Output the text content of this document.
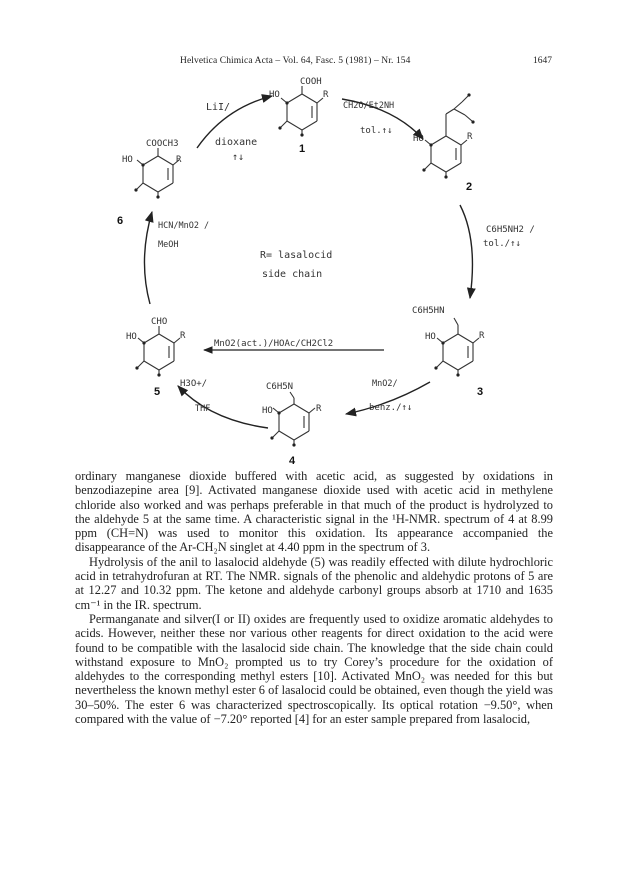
Helvetica Chimica Acta – Vol. 64, Fasc. 5 (1981) – Nr. 154	1647
COOH
HO	R
1
HO	R
2
C6H5HN
HO	R
3
C6H5N
HO	R
4
CHO
HO	R
5
COOCH3
HO	R
6
CH2O/Et2NH
tol.↑↓
C6H5NH2 /
tol./↑↓
MnO2/
benz./↑↓
MnO2(act.)/HOAc/CH2Cl2
H3O+/
THF
HCN/MnO2 /
MeOH
LiI/
dioxane
↑↓
R= lasalocid
side chain

ordinary manganese dioxide buffered with acetic acid, as suggested by oxidations in benzodiazepine area [9]. Activated manganese dioxide used with acetic acid in methylene chloride also worked and was perhaps preferable in that much of the product is hydrolyzed to the aldehyde 5 at the same time. A characteristic signal in the ¹H-NMR. spectrum of 4 at 8.99 ppm (CH=N) was used to monitor this oxidation. Its appearance accompanied the disappearance of the Ar-CH₂N singlet at 4.40 ppm in the spectrum of 3.

Hydrolysis of the anil to lasalocid aldehyde (5) was readily effected with dilute hydrochloric acid in tetrahydrofuran at RT. The NMR. signals of the phenolic and aldehydic protons of 5 are at 12.27 and 10.32 ppm. The ketone and aldehyde carbonyl groups absorb at 1710 and 1635 cm⁻¹ in the IR. spectrum.

Permanganate and silver(I or II) oxides are frequently used to oxidize aromatic aldehydes to acids. However, neither these nor various other reagents for direct oxidation to the acid were found to be compatible with the lasalocid side chain. The knowledge that the side chain could withstand exposure to MnO₂ prompted us to try Corey’s procedure for the oxidation of aldehydes to the corresponding methyl esters [10]. Activated MnO₂ was needed for this but nevertheless the known methyl ester 6 of lasalocid could be obtained, even though the yield was 30–50%. The ester 6 was characterized spectroscopically. Its optical rotation −9.50°, when compared with the value of −7.20° reported [4] for an ester sample prepared from lasalocid,
